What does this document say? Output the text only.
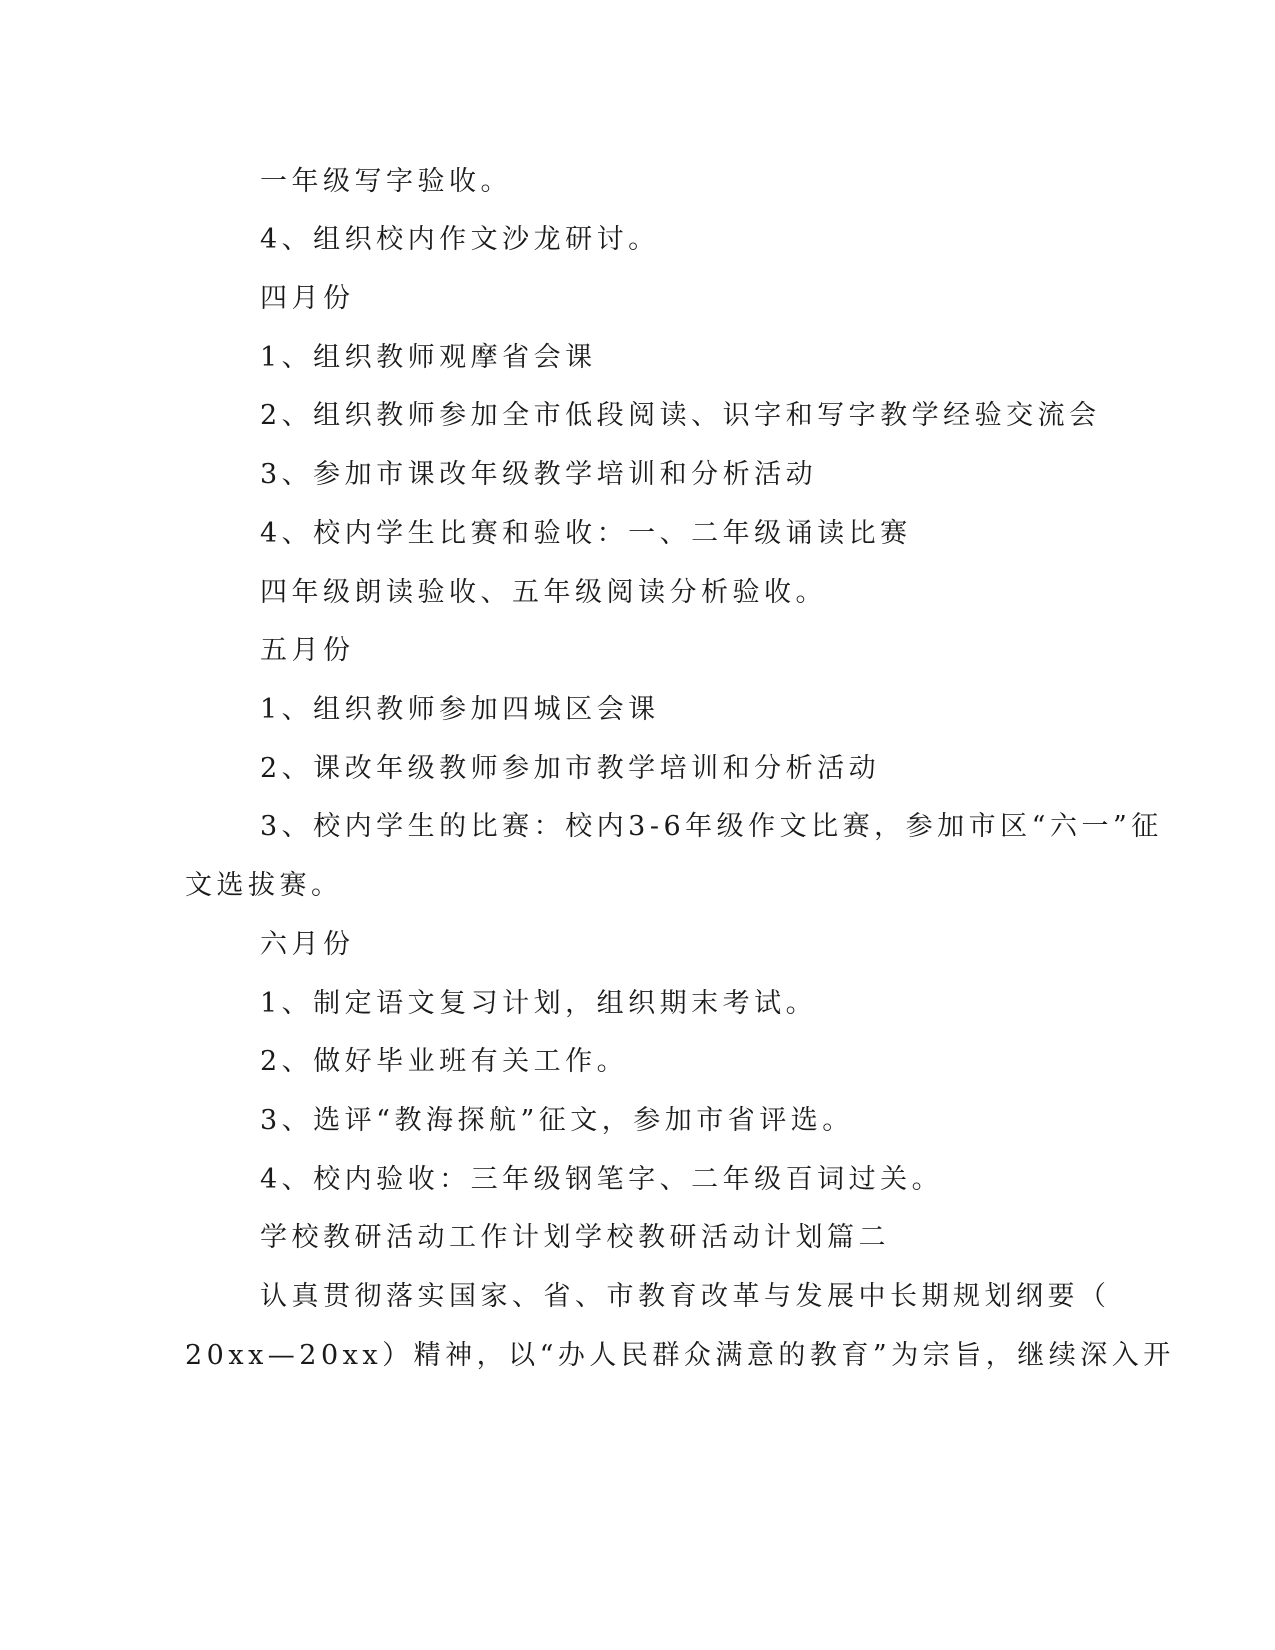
一年级写字验收。
4、组织校内作文沙龙研讨。
四月份
1、组织教师观摩省会课
2、组织教师参加全市低段阅读、识字和写字教学经验交流会
3、参加市课改年级教学培训和分析活动
4、校内学生比赛和验收：一、二年级诵读比赛
四年级朗读验收、五年级阅读分析验收。
五月份
1、组织教师参加四城区会课
2、课改年级教师参加市教学培训和分析活动
3、校内学生的比赛：校内3-6年级作文比赛，参加市区“六一”征
文选拔赛。
六月份
1、制定语文复习计划，组织期末考试。
2、做好毕业班有关工作。
3、选评“教海探航”征文，参加市省评选。
4、校内验收：三年级钢笔字、二年级百词过关。
学校教研活动工作计划学校教研活动计划篇二
认真贯彻落实国家、省、市教育改革与发展中长期规划纲要（
20xx—20xx）精神，以“办人民群众满意的教育”为宗旨，继续深入开
